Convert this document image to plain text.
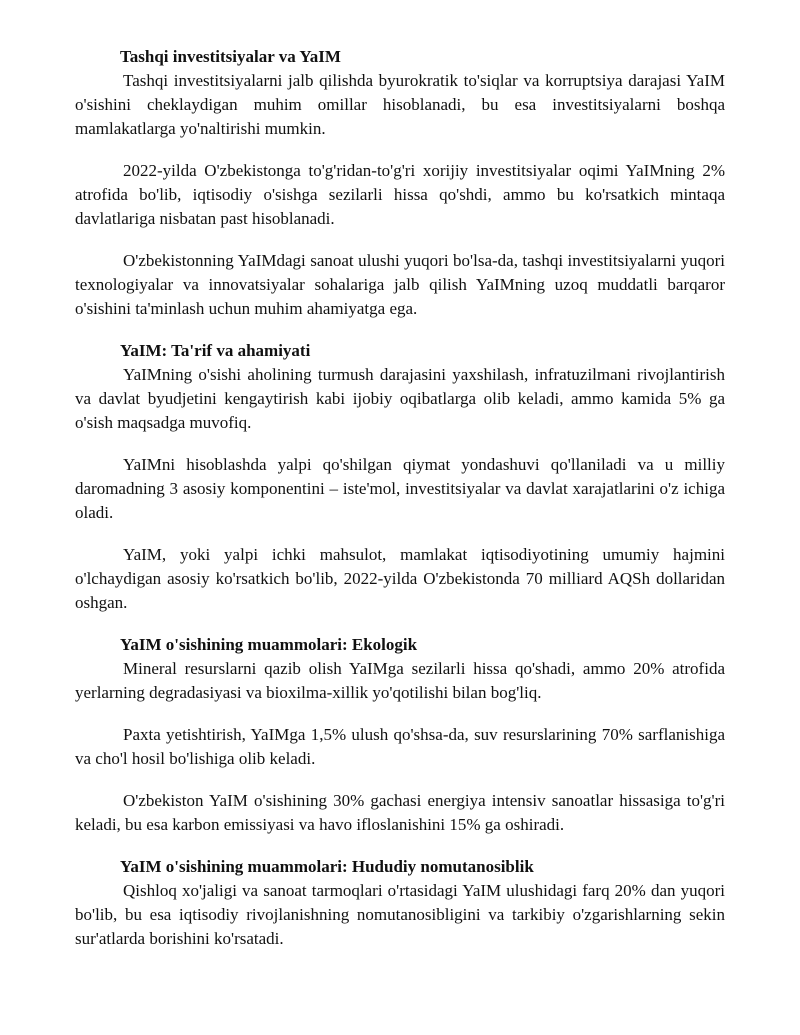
Tashqi investitsiyalar va YaIM

Tashqi investitsiyalarni jalb qilishda byurokratik to'siqlar va korruptsiya darajasi YaIM o'sishini cheklaydigan muhim omillar hisoblanadi, bu esa investitsiyalarni boshqa mamlakatlarga yo'naltirishi mumkin.

2022-yilda O'zbekistonga to'g'ridan-to'g'ri xorijiy investitsiyalar oqimi YaIMning 2% atrofida bo'lib, iqtisodiy o'sishga sezilarli hissa qo'shdi, ammo bu ko'rsatkich mintaqa davlatlariga nisbatan past hisoblanadi.

O'zbekistonning YaIMdagi sanoat ulushi yuqori bo'lsa-da, tashqi investitsiyalarni yuqori texnologiyalar va innovatsiyalar sohalariga jalb qilish YaIMning uzoq muddatli barqaror o'sishini ta'minlash uchun muhim ahamiyatga ega.

YaIM: Ta'rif va ahamiyati

YaIMning o'sishi aholining turmush darajasini yaxshilash, infratuzilmani rivojlantirish va davlat byudjetini kengaytirish kabi ijobiy oqibatlarga olib keladi, ammo kamida 5% ga o'sish maqsadga muvofiq.

YaIMni hisoblashda yalpi qo'shilgan qiymat yondashuvi qo'llaniladi va u milliy daromadning 3 asosiy komponentini – iste'mol, investitsiyalar va davlat xarajatlarini o'z ichiga oladi.

YaIM, yoki yalpi ichki mahsulot, mamlakat iqtisodiyotining umumiy hajmini o'lchaydigan asosiy ko'rsatkich bo'lib, 2022-yilda O'zbekistonda 70 milliard AQSh dollaridan oshgan.

YaIM o'sishining muammolari: Ekologik

Mineral resurslarni qazib olish YaIMga sezilarli hissa qo'shadi, ammo 20% atrofida yerlarning degradasiyasi va bioxilma-xillik yo'qotilishi bilan bog'liq.

Paxta yetishtirish, YaIMga 1,5% ulush qo'shsa-da, suv resurslarining 70% sarflanishiga va cho'l hosil bo'lishiga olib keladi.

O'zbekiston YaIM o'sishining 30% gachasi energiya intensiv sanoatlar hissasiga to'g'ri keladi, bu esa karbon emissiyasi va havo ifloslanishini 15% ga oshiradi.

YaIM o'sishining muammolari: Hududiy nomutanosiblik

Qishloq xo'jaligi va sanoat tarmoqlari o'rtasidagi YaIM ulushidagi farq 20% dan yuqori bo'lib, bu esa iqtisodiy rivojlanishning nomutanosibligini va tarkibiy o'zgarishlarning sekin sur'atlarda borishini ko'rsatadi.
